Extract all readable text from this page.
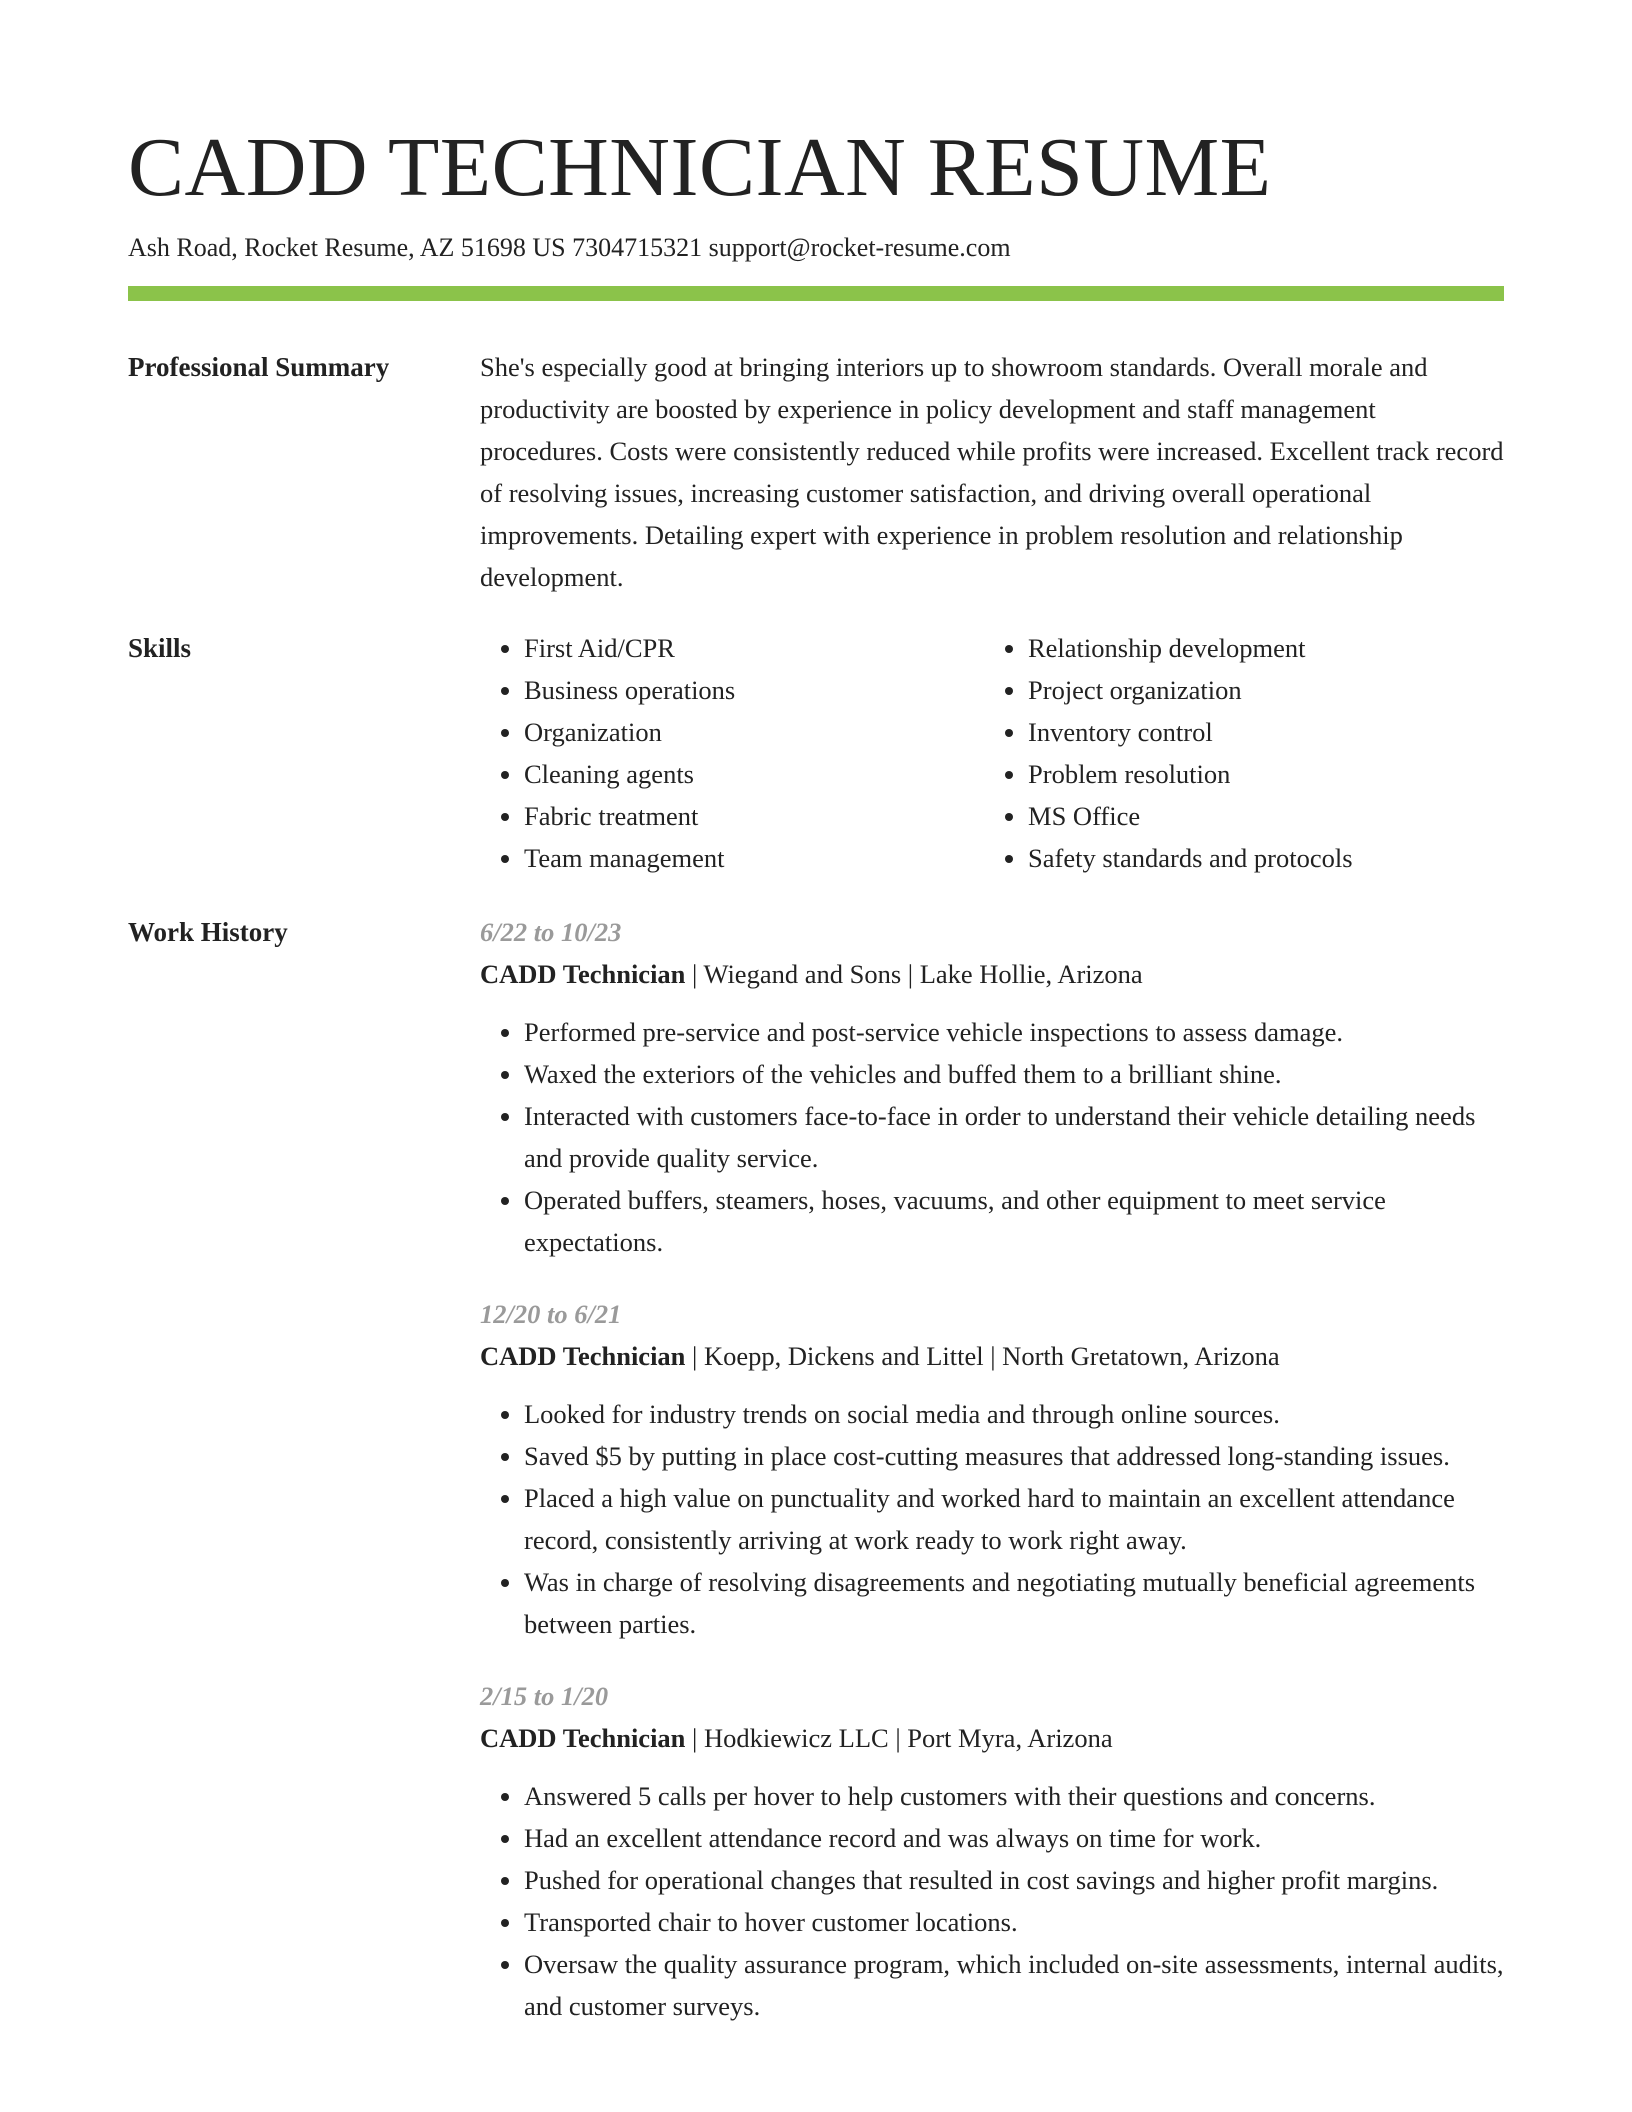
CADD TECHNICIAN RESUME
Ash Road, Rocket Resume, AZ 51698 US 7304715321 support@rocket-resume.com
Professional Summary	She's especially good at bringing interiors up to showroom standards. Overall morale and productivity are boosted by experience in policy development and staff management procedures. Costs were consistently reduced while profits were increased. Excellent track record of resolving issues, increasing customer satisfaction, and driving overall operational improvements. Detailing expert with experience in problem resolution and relationship development.

Skills
•	First Aid/CPR
• Business operations
• Organization
• Cleaning agents
• Fabric treatment
• Team management
• Relationship development
• Project organization
• Inventory control
• Problem resolution
• MS Office
• Safety standards and protocols
Work History	6/22 to 10/23
CADD Technician | Wiegand and Sons | Lake Hollie, Arizona
• Performed pre-service and post-service vehicle inspections to assess damage.
• Waxed the exteriors of the vehicles and buffed them to a brilliant shine.
• Interacted with customers face-to-face in order to understand their vehicle detailing needs and provide quality service.
• Operated buffers, steamers, hoses, vacuums, and other equipment to meet service expectations.
12/20 to 6/21
CADD Technician | Koepp, Dickens and Littel | North Gretatown, Arizona
• Looked for industry trends on social media and through online sources.
• Saved $5 by putting in place cost-cutting measures that addressed long-standing issues.
• Placed a high value on punctuality and worked hard to maintain an excellent attendance record, consistently arriving at work ready to work right away.
• Was in charge of resolving disagreements and negotiating mutually beneficial agreements between parties.
2/15 to 1/20
CADD Technician | Hodkiewicz LLC | Port Myra, Arizona
• Answered 5 calls per hover to help customers with their questions and concerns.
• Had an excellent attendance record and was always on time for work.
• Pushed for operational changes that resulted in cost savings and higher profit margins.
• Transported chair to hover customer locations.
• Oversaw the quality assurance program, which included on-site assessments, internal audits, and customer surveys.
